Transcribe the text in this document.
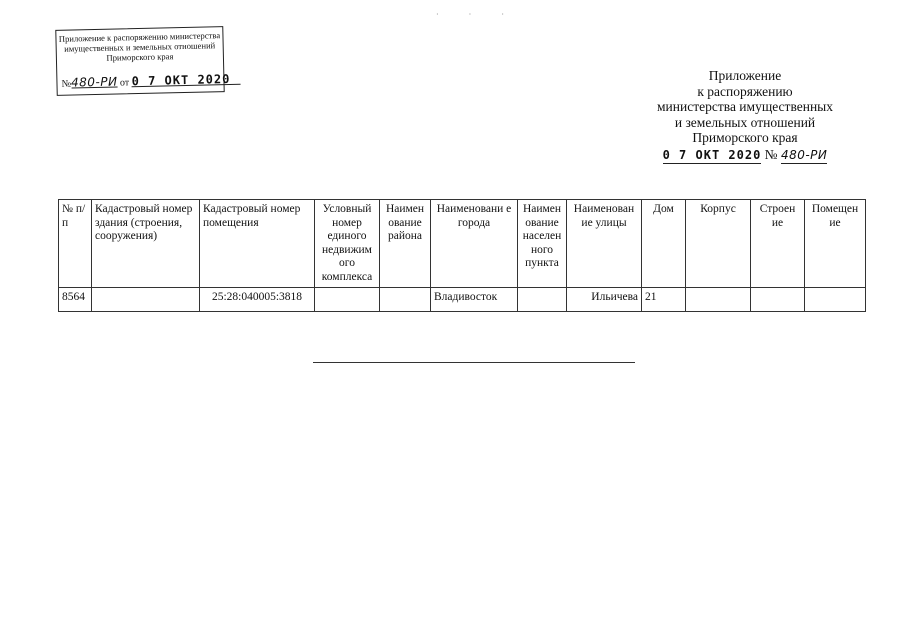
· · ·
Приложение к распоряжению министерства
имущественных и земельных отношений
Приморского края
№480-РИ от 0 7 ОКТ 2020	Приложение
к распоряжению
министерства имущественных
и земельных отношений
Приморского края
0 7 ОКТ 2020 № 480-РИ
№ п/п	Кадастровый номер здания (строения, сооружения)	Кадастровый номер помещения	Условный номер единого недвижим ого комплекса	Наимен ование района	Наименовани е города	Наимен ование населен ного пункта	Наименован ие улицы	Дом	Корпус	Строен ие	Помещен ие
8564		25:28:040005:3818			Владивосток		Ильичева	21			
